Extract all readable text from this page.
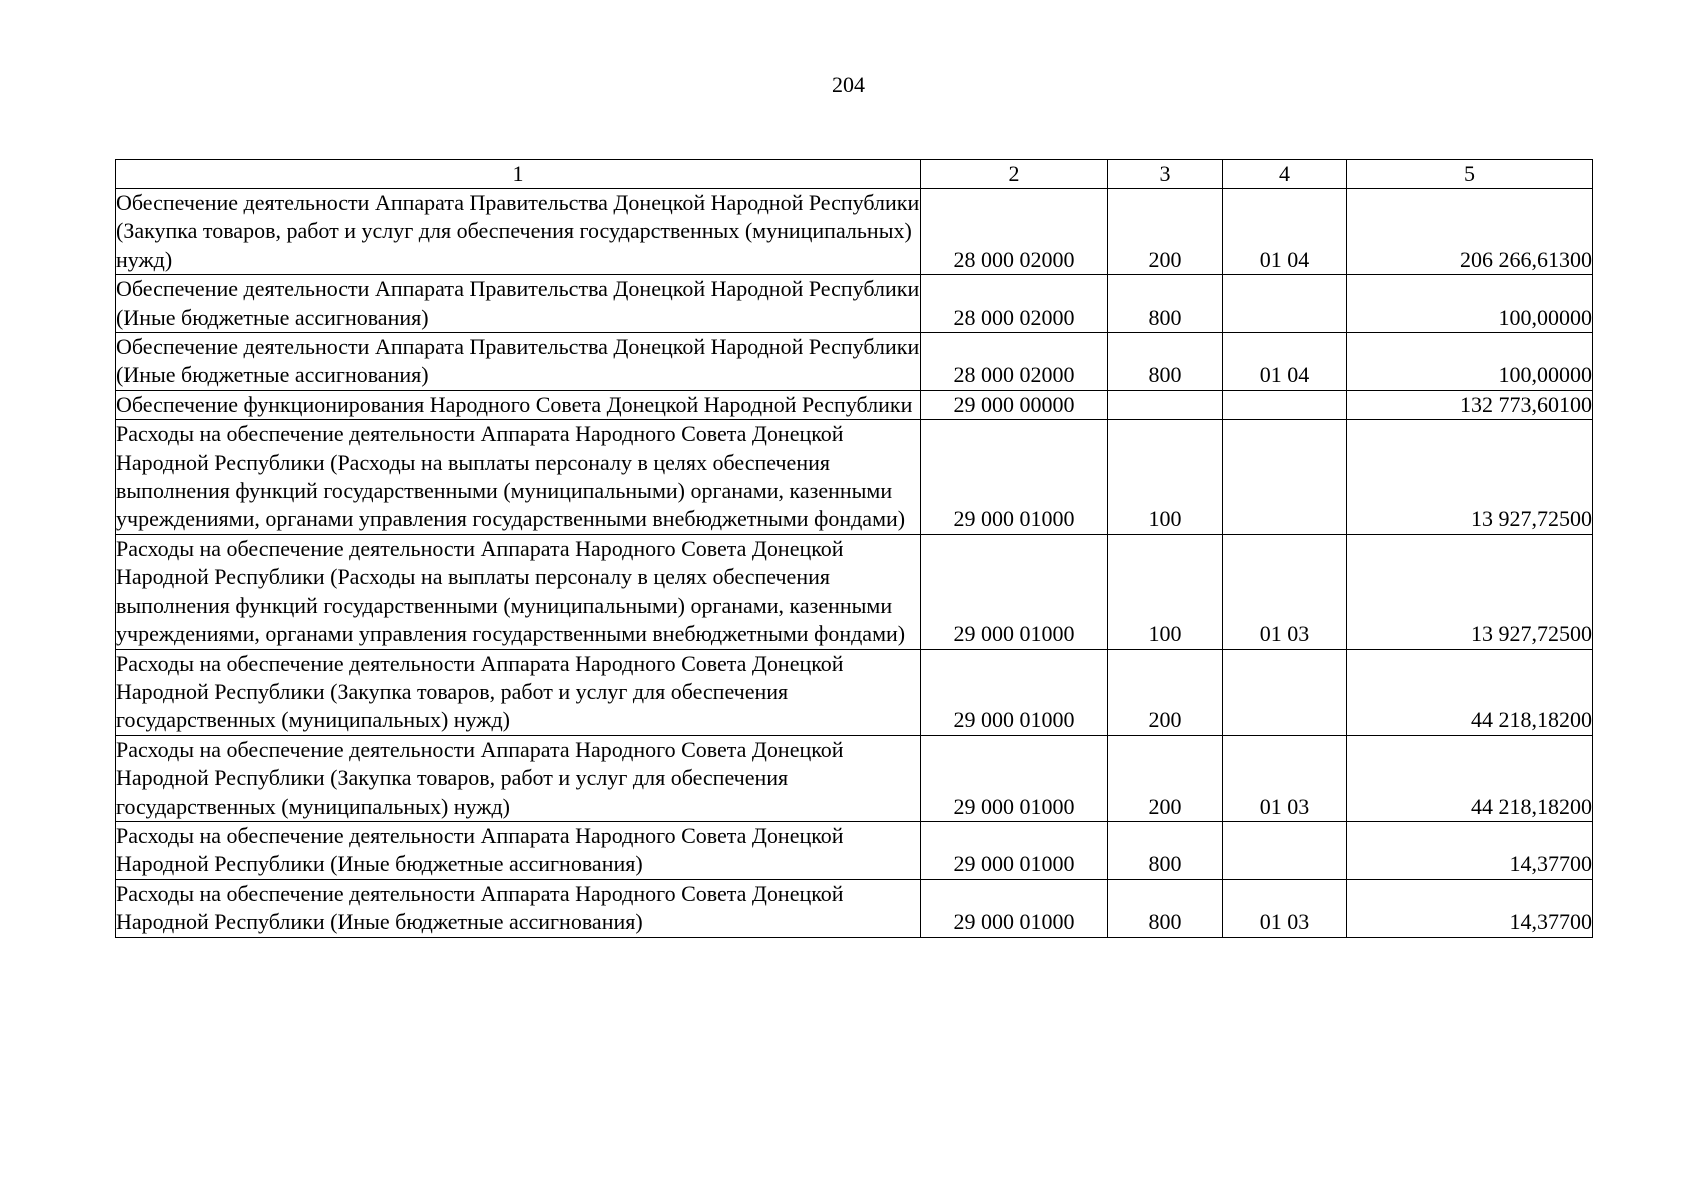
204
1	2	3	4	5
Обеспечение деятельности Аппарата Правительства Донецкой Народной Республики (Закупка товаров, работ и услуг для обеспечения государственных (муниципальных) нужд)	28 000 02000	200	01 04	206 266,61300
Обеспечение деятельности Аппарата Правительства Донецкой Народной Республики (Иные бюджетные ассигнования)	28 000 02000	800		100,00000
Обеспечение деятельности Аппарата Правительства Донецкой Народной Республики (Иные бюджетные ассигнования)	28 000 02000	800	01 04	100,00000
Обеспечение функционирования Народного Совета Донецкой Народной Республики	29 000 00000			132 773,60100
Расходы на обеспечение деятельности Аппарата Народного Совета Донецкой Народной Республики (Расходы на выплаты персоналу в целях обеспечения выполнения функций государственными (муниципальными) органами, казенными учреждениями, органами управления государственными внебюджетными фондами)	29 000 01000	100		13 927,72500
Расходы на обеспечение деятельности Аппарата Народного Совета Донецкой Народной Республики (Расходы на выплаты персоналу в целях обеспечения выполнения функций государственными (муниципальными) органами, казенными учреждениями, органами управления государственными внебюджетными фондами)	29 000 01000	100	01 03	13 927,72500
Расходы на обеспечение деятельности Аппарата Народного Совета Донецкой Народной Республики (Закупка товаров, работ и услуг для обеспечения государственных (муниципальных) нужд)	29 000 01000	200		44 218,18200
Расходы на обеспечение деятельности Аппарата Народного Совета Донецкой Народной Республики (Закупка товаров, работ и услуг для обеспечения государственных (муниципальных) нужд)	29 000 01000	200	01 03	44 218,18200
Расходы на обеспечение деятельности Аппарата Народного Совета Донецкой Народной Республики (Иные бюджетные ассигнования)	29 000 01000	800		14,37700
Расходы на обеспечение деятельности Аппарата Народного Совета Донецкой Народной Республики (Иные бюджетные ассигнования)	29 000 01000	800	01 03	14,37700
